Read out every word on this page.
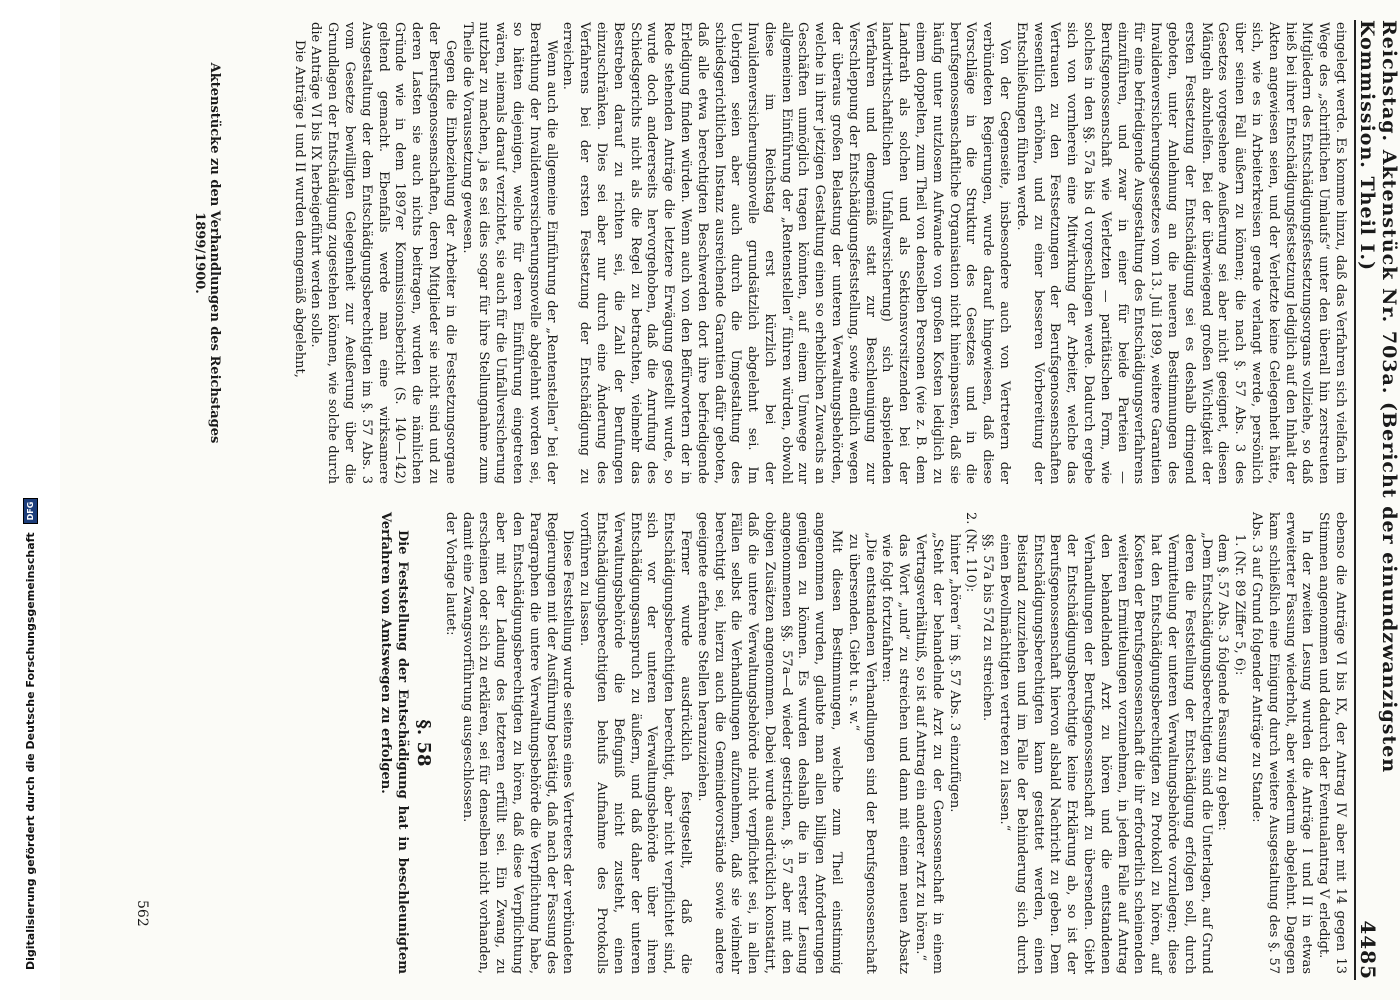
Digitalisierung gefördert durch die Deutsche Forschungsgemeinschaft
DFG	Reichstag. Aktenstück Nr. 703a. (Bericht der einundzwanzigsten Kommission. Theil I.)
4485

eingelegt werde. Es komme hinzu, daß das Verfahren sich vielfach im Wege des „schriftlichen Umlaufs“ unter den überall hin zerstreuten Mitgliedern des Entschädigungsfestsetzungsorgans vollziehe, so daß hieß bei ihrer Entschädigungsfestsetzung lediglich auf den Inhalt der Akten angewiesen seien, und der Verletzte keine Gelegenheit hätte, sich, wie es in Arbeiterkreisen gerade verlangt werde, persönlich über seinen Fall äußern zu können; die nach §. 57 Abs. 3 des Gesetzes vorgesehene Aeußerung sei aber nicht geeignet, diesen Mängeln abzuhelfen. Bei der überwiegend großen Wichtigkeit der ersten Festsetzung der Entschädigung sei es deshalb dringend geboten, unter Anlehnung an die neueren Bestimmungen des Invalidenversicherungsgesetzes vom 13. Juli 1899, weitere Garantien für eine befriedigende Ausgestaltung des Entschädigungsverfahrens einzuführen, und zwar in einer für beide Parteien — Berufsgenossenschaft wie Verletzten — paritätischen Form, wie solches in den §§. 57a bis d vorgeschlagen werde. Dadurch ergebe sich von vornherein eine Mitwirkung der Arbeiter, welche das Vertrauen zu den Festsetzungen der Berufsgenossenschaften wesentlich erhöhen, und zu einer besseren Vorbereitung der Entschließungen führen werde.

Von der Gegenseite, insbesondere auch von Vertretern der verbündeten Regierungen, wurde darauf hingewiesen, daß diese Vorschläge in die Struktur des Gesetzes und in die berufsgenossenschaftliche Organisation nicht hineinpassten, daß sie häufig unter nutzlosem Aufwande von großen Kosten lediglich zu einem doppelten, zum Theil von denselben Personen (wie z. B. dem Landrath als solchen und als Sektionsvorsitzenden bei der landwirthschaftlichen Unfallversicherung) sich abspielenden Verfahren und demgemäß statt zur Beschleunigung zur Verschleppung der Entschädigungsfeststellung, sowie endlich wegen der überaus großen Belastung der unteren Verwaltungsbehörden, welche in ihrer jetzigen Gestaltung einen so erheblichen Zuwachs an Geschäften unmöglich tragen könnten, auf einem Umwege zur allgemeinen Einführung der „Rentenstellen“ führen würden, obwohl diese im Reichstag erst kürzlich bei der Invalidenversicherungsnovelle grundsätzlich abgelehnt sei. Im Uebrigen seien aber auch durch die Umgestaltung des schiedsgerichtlichen Instanz ausreichende Garantien dafür geboten, daß alle etwa berechtigten Beschwerden dort ihre befriedigende Erledigung finden würden. Wenn auch von den Befürwortern der in Rede stehenden Anträge die letztere Erwägung gestellt wurde, so wurde doch andererseits hervorgehoben, daß die Anrufung des Schiedsgerichts nicht als die Regel zu betrachten, vielmehr das Bestreben darauf zu richten sei, die Zahl der Berufungen einzuschränken. Dies sei aber nur durch eine Änderung des Verfahrens bei der ersten Festsetzung der Entschädigung zu erreichen.

Wenn auch die allgemeine Einführung der „Rentenstellen“ bei der Berathung der Invalidenversicherungsnovelle abgelehnt worden sei, so hätten diejenigen, welche für deren Einführung eingetreten wären, niemals darauf verzichtet, sie auch für die Unfallversicherung nutzbar zu machen, ja es sei dies sogar für ihre Stellungnahme zum Theile die Voraussetzung gewesen.

Gegen die Einbeziehung der Arbeiter in die Festsetzungsorgane der Berufsgenossenschaften, deren Mitglieder sie nicht sind und zu deren Lasten sie auch nichts beitragen, wurden die nämlichen Gründe wie in dem 1897er Kommissionsbericht (S. 140—142) geltend gemacht. Ebenfalls werde man eine wirksamere Ausgestaltung der dem Entschädigungsberechtigten im §. 57 Abs. 3 vom Gesetze bewilligten Gelegenheit zur Aeußerung über die Grundlagen der Entschädigung zugestehen können, wie solche durch die Anträge VI bis IX herbeigeführt werden solle.

Die Anträge I und II wurden demgemäß abgelehnt,

Aktenstücke zu den Verhandlungen des Reichstages 1899/1900.

ebenso die Anträge VI bis IX, der Antrag IV aber mit 14 gegen 13 Stimmen angenommen und dadurch der Eventualantrag V erledigt.

In der zweiten Lesung wurden die Anträge I und II in etwas erweiterter Fassung wiederholt, aber wiederum abgelehnt. Dagegen kam schließlich eine Einigung durch weitere Ausgestaltung des §. 57 Abs. 3 auf Grund folgender Anträge zu Stande:

1. (Nr. 89 Ziffer 5, 6):

dem §. 57 Abs. 3 folgende Fassung zu geben:

„Dem Entschädigungsberechtigten sind die Unterlagen, auf Grund deren die Feststellung der Entschädigung erfolgen soll, durch Vermittelung der unteren Verwaltungsbehörde vorzulegen; diese hat den Entschädigungsberechtigten zu Protokoll zu hören, auf Kosten der Berufsgenossenschaft die ihr erforderlich scheinenden weiteren Ermittelungen vorzunehmen, in jedem Falle auf Antrag den behandelnden Arzt zu hören und die entstandenen Verhandlungen der Berufsgenossenschaft zu übersenden. Giebt der Entschädigungsberechtigte keine Erklärung ab, so ist der Berufsgenossenschaft hiervon alsbald Nachricht zu geben. Dem Entschädigungsberechtigten kann gestattet werden, einen Beistand zuzuziehen und im Falle der Behinderung sich durch einen Bevollmächtigten vertreten zu lassen.“

§§. 57a bis 57d zu streichen.

2. (Nr. 110):

hinter „hören“ im §. 57 Abs. 3 einzufügen.

„Steht der behandelnde Arzt zu der Genossenschaft in einem Vertragsverhältniß, so ist auf Antrag ein anderer Arzt zu hören.“

das Wort „und“ zu streichen und dann mit einem neuen Absatz wie folgt fortzufahren:

„Die entstandenen Verhandlungen sind der Berufsgenossenschaft zu übersenden. Giebt u. s. w.“

Mit diesen Bestimmungen, welche zum Theil einstimmig angenommen wurden, glaubte man allen billigen Anforderungen genügen zu können. Es wurden deshalb die in erster Lesung angenommenen §§. 57a—d wieder gestrichen, §. 57 aber mit den obigen Zusätzen angenommen. Dabei wurde ausdrücklich konstatirt, daß die untere Verwaltungsbehörde nicht verpflichtet sei, in allen Fällen selbst die Verhandlungen aufzunehmen, daß sie vielmehr berechtigt sei, hierzu auch die Gemeindevorstände sowie andere geeignete erfahrene Stellen heranzuziehen.

Ferner wurde ausdrücklich festgestellt, daß die Entschädigungsberechtigten berechtigt, aber nicht verpflichtet sind, sich vor der unteren Verwaltungsbehörde über ihren Entschädigungsanspruch zu äußern, und daß daher der unteren Verwaltungsbehörde die Befugniß nicht zusteht, einen Entschädigungsberechtigten behufs Aufnahme des Protokolls vorführen zu lassen.

Diese Feststellung wurde seitens eines Vertreters der verbündeten Regierungen mit der Ausführung bestätigt, daß nach der Fassung des Paragraphen die untere Verwaltungsbehörde die Verpflichtung habe, den Entschädigungsberechtigten zu hören, daß diese Verpflichtung aber mit der Ladung des letzteren erfüllt sei. Ein Zwang, zu erscheinen oder sich zu erklären, sei für denselben nicht vorhanden, damit eine Zwangsvorführung ausgeschlossen.

der Vorlage lautet:

§. 58

Die Feststellung der Entschädigung hat in beschleunigtem Verfahren von Amtswegen zu erfolgen.

562
